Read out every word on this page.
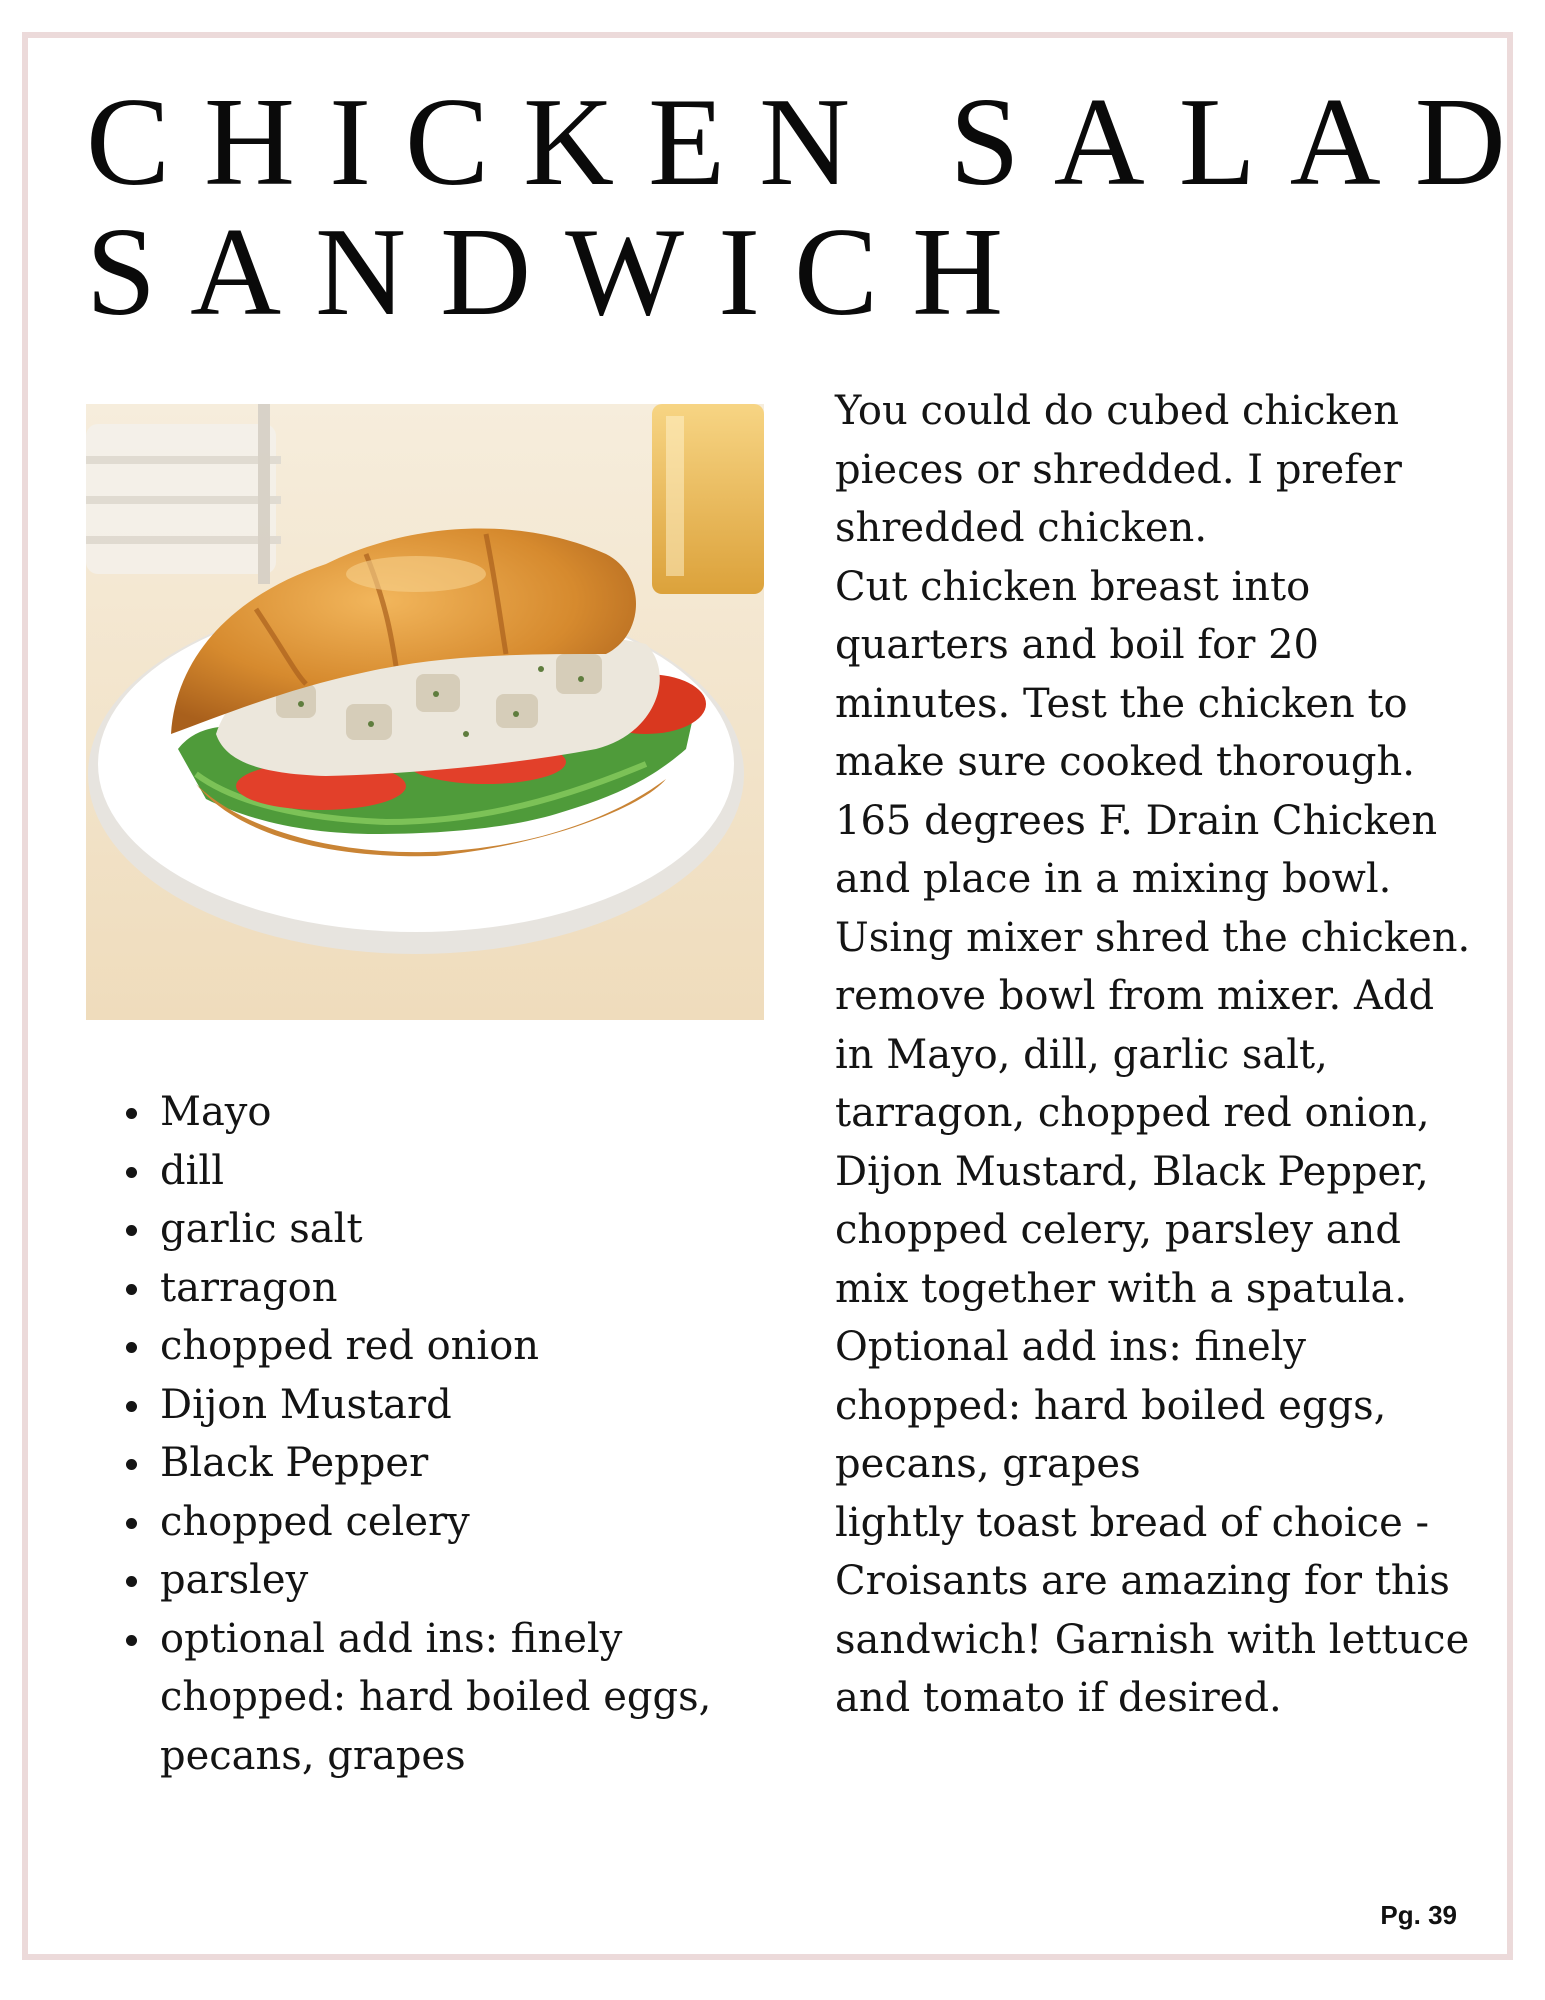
CHICKEN SALAD
SANDWICH
Mayo
dill
garlic salt
tarragon
chopped red onion
Dijon Mustard
Black Pepper
chopped celery
parsley
optional add ins: finely chopped: hard boiled eggs, pecans, grapes

You could do cubed chicken pieces or shredded. I prefer shredded chicken.

Cut chicken breast into quarters and boil for 20 minutes. Test the chicken to make sure cooked thorough. 165 degrees F. Drain Chicken and place in a mixing bowl. Using mixer shred the chicken. remove bowl from mixer. Add in Mayo, dill, garlic salt, tarragon, chopped red onion, Dijon Mustard, Black Pepper, chopped celery, parsley and mix together with a spatula.

Optional add ins: finely chopped: hard boiled eggs, pecans, grapes

lightly toast bread of choice - Croisants are amazing for this sandwich! Garnish with lettuce and tomato if desired.

Pg. 39
